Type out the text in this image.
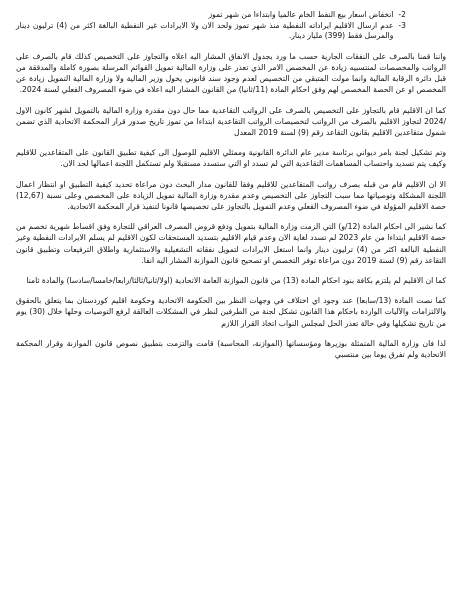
-2
انخفاض اسعار بيع النفط الخام عالميا وابتداءا من شهر تموز
-3
عدم ارسال الاقليم ايراداته النفطية منذ شهر تموز ولحد الان ولا الايرادات غير النفطية البالغة اكثر من (4) ترليون دينار والمرسل فقط (399) مليار دينار.

واننا قمنا بالصرف على النفقات الجارية حسب ما ورد بجدول الانفاق المشار اليه اعلاه والتجاوز على التخصيص كذلك قام بالصرف على الرواتب والمخصصات لمنتسبيه زيادة عن المخصص الامر الذي تعذر على وزارة المالية تمويل القوائم المرسلة بصورة كاملة والمدققة من قبل دائرة الرقابة المالية وانما مولت المتبقي من التخصيص لعدم وجود سند قانوني يخول وزير المالية ولا وزارة المالية التمويل زيادة عن المخصص او عن الحصة المخصص لهم وفق احكام المادة (11/ثانيا) من القانون المشار اليه اعلاه في ضوء المصروف الفعلي لسنة 2024.

كما ان الاقليم قام بالتجاوز على التخصيص بالصرف على الرواتب التقاعدية مما حال دون مقدرة وزارة المالية بالتمويل لشهر كانون الاول /2024 لتجاوز الاقليم بالصرف من الرواتب لتخصيصات الرواتب التقاعدية ابتداءا من تموز تاريخ صدور قرار المحكمة الاتحادية الذي تضمن شمول متقاعدين الاقليم بقانون التقاعد رقم (9) لسنة 2019 المعدل

وتم تشكيل لجنة بامر ديواني برئاسة مدير عام الدائرة القانونية وممثلي الاقليم للوصول الى كيفية تطبيق القانون على المتقاعدين للاقليم وكيف يتم تسديد واحتساب المساهمات التقاعدية التي لم تسدد او التي ستسدد مستقبلا ولم تستكمل اللجنة اعمالها لحد الان.

الا ان الاقليم قام من قبله بصرف رواتب المتقاعدين للاقليم وفقا للقانون مدار البحث دون مراعاة تحديد كيفية التطبيق او انتظار اعمال اللجنة المشكلة وتوصياتها مما سبب التجاوز على التخصيص وعدم مقدرة وزارة المالية تمويل الزيادة على المخصص وعلى نسبة (12,67) حصة الاقليم المؤولة في ضوء المصروف الفعلي وعدم التمويل بالتجاوز على تخصيصها قانونا لتنفيذ قرار المحكمة الاتحادية.

كما نشير الى احكام المادة (12/و) التي الزمت وزارة المالية بتمويل ودفع قروض المصرف العراقي للتجارة وفق اقساط شهرية تخصم من حصة الاقليم ابتداءا من عام 2023 لم تسدد لغاية الان وعدم قيام الاقليم بتسديد المستحقات لكون الاقليم لم يسلم الايرادات النفطية وغير النفطية البالغة اكثر من (4) ترليون دينار وانما استغل الايرادات لتمويل نفقاته التشغيلية والاستثمارية واطلاق الترفيعات وتطبيق قانون التقاعد رقم (9) لسنة 2019 دون مراعاة توفر التخصص او تصحيح قانون الموازنة المشار اليه انفا.

كما ان الاقليم لم يلتزم بكافة بنود احكام المادة (13) من قانون الموازنة العامة الاتحادية (اولا/ثانيا/ثالثا/رابعا/خامسا/سادسا) والمادة ثامنا

كما نصت المادة (13/سابعا) عند وجود اي اختلاف في وجهات النظر بين الحكومة الاتحادية وحكومة اقليم كوردستان بما يتعلق بالحقوق والالتزامات والآليات الواردة باحكام هذا القانون تشكل لجنة من الطرفين لنظر في المشكلات العالقة لرفع التوصيات وحلها خلال (30) يوم من تاريخ تشكيلها وفي حالة تعذر الحل لمجلس النواب اتخاذ القرار اللازم

لذا فان وزارة المالية المتمثلة بوزيرها ومؤسساتها (الموازنة، المحاسبة) قامت والتزمت بتطبيق نصوص قانون الموازنة وقرار المحكمة الاتحادية ولم تفرق يوما بين منتسبي
